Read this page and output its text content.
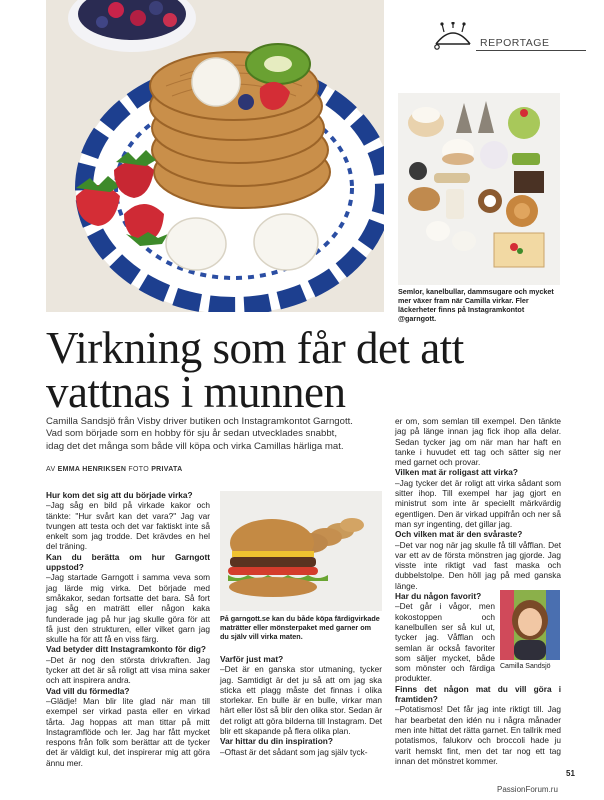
REPORTAGE
Semlor, kanelbullar, dammsugare och mycket mer växer fram när Camilla virkar. Fler läckerheter finns på Instagramkontot @garngott.
Virkning som får det att
vattnas i munnen
Camilla Sandsjö från Visby driver butiken och Instagramkontot Garngott. Vad som började som en hobby för sju år sedan utvecklades snabbt, idag det det många som både vill köpa och virka Camillas härliga mat.
AV EMMA HENRIKSEN FOTO PRIVATA
Hur kom det sig att du började virka?

–Jag såg en bild på virkade kakor och tänkte: "Hur svårt kan det vara?" Jag var tvungen att testa och det var faktiskt inte så enkelt som jag trodde. Det krävdes en hel del träning.

Kan du berätta om hur Garngott uppstod?

–Jag startade Garngott i samma veva som jag lärde mig virka. Det började med småkakor, sedan fortsatte det bara. Så fort jag såg en maträtt eller någon kaka funderade jag på hur jag skulle göra för att få just den strukturen, eller vilket garn jag skulle ha för att få en viss färg.

Vad betyder ditt Instagramkonto för dig?

–Det är nog den största drivkraften. Jag tycker att det är så roligt att visa mina saker och att inspirera andra.

Vad vill du förmedla?

–Glädje! Man blir lite glad när man till exempel ser virkad pasta eller en virkad tårta. Jag hoppas att man tittar på mitt Instagramflöde och ler. Jag har fått mycket respons från folk som berättar att de tycker det är väldigt kul, det inspirerar mig att göra ännu mer.

På garngott.se kan du både köpa färdigvirkade maträtter eller mönsterpaket med garner om du själv vill virka maten.
Varför just mat?

–Det är en ganska stor utmaning, tycker jag. Samtidigt är det ju så att om jag ska sticka ett plagg måste det finnas i olika storlekar. En bulle är en bulle, virkar man härt eller löst så blir den olika stor. Sedan är det roligt att göra bilderna till Instagram. Det blir ett skapande på flera olika plan.

Var hittar du din inspiration?

–Oftast är det sådant som jag själv tyck-

er om, som semlan till exempel. Den tänkte jag på länge innan jag fick ihop alla delar. Sedan tycker jag om när man har haft en tanke i huvudet ett tag och sätter sig ner med garnet och provar.

Vilken mat är roligast att virka?

–Jag tycker det är roligt att virka sådant som sitter ihop. Till exempel har jag gjort en ministrut som inte är speciellt märkvärdig egentligen. Den är virkad uppifrån och ner så man syr ingenting, det gillar jag.

Och vilken mat är den svåraste?

–Det var nog när jag skulle få till våfflan. Det var ett av de första mönstren jag gjorde. Jag visste inte riktigt vad fast maska och dubbelstolpe. Den höll jag på med ganska länge.

Har du någon favorit?

–Det går i vågor, men kokostoppen och kanelbullen ser så kul ut, tycker jag. Våfflan och semlan är också favoriter som säljer mycket, både som mönster och färdiga produkter.

Finns det någon mat du vill göra i framtiden?

–Potatismos! Det får jag inte riktigt till. Jag har bearbetat den idén nu i några månader men inte hittat det rätta garnet. En tallrik med potatismos, falukorv och broccoli hade ju varit hemskt fint, men det tar nog ett tag innan det mönstret kommer.

Camilla Sandsjö
51
PassionForum.ru
